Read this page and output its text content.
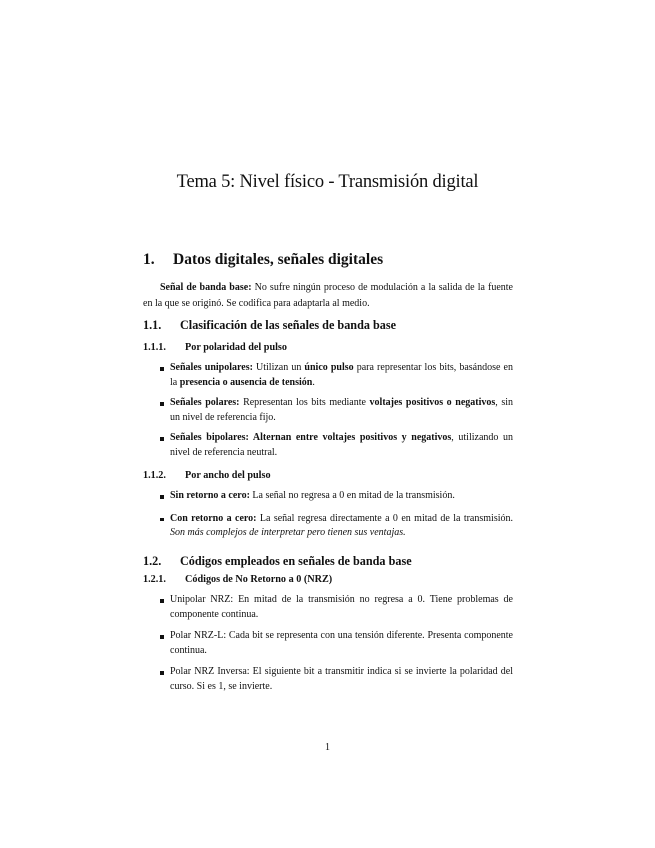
Tema 5: Nivel físico - Transmisión digital
1. Datos digitales, señales digitales
Señal de banda base: No sufre ningún proceso de modulación a la salida de la fuente en la que se originó. Se codifica para adaptarla al medio.
1.1. Clasificación de las señales de banda base
1.1.1. Por polaridad del pulso
Señales unipolares: Utilizan un único pulso para representar los bits, basándose en la presencia o ausencia de tensión.
Señales polares: Representan los bits mediante voltajes positivos o negativos, sin un nivel de referencia fijo.
Señales bipolares: Alternan entre voltajes positivos y negativos, utilizando un nivel de referencia neutral.
1.1.2. Por ancho del pulso
Sin retorno a cero: La señal no regresa a 0 en mitad de la transmisión.
Con retorno a cero: La señal regresa directamente a 0 en mitad de la transmisión. Son más complejos de interpretar pero tienen sus ventajas.
1.2. Códigos empleados en señales de banda base
1.2.1. Códigos de No Retorno a 0 (NRZ)
Unipolar NRZ: En mitad de la transmisión no regresa a 0. Tiene problemas de componente continua.
Polar NRZ-L: Cada bit se representa con una tensión diferente. Presenta componente continua.
Polar NRZ Inversa: El siguiente bit a transmitir indica si se invierte la polaridad del curso. Si es 1, se invierte.
1
